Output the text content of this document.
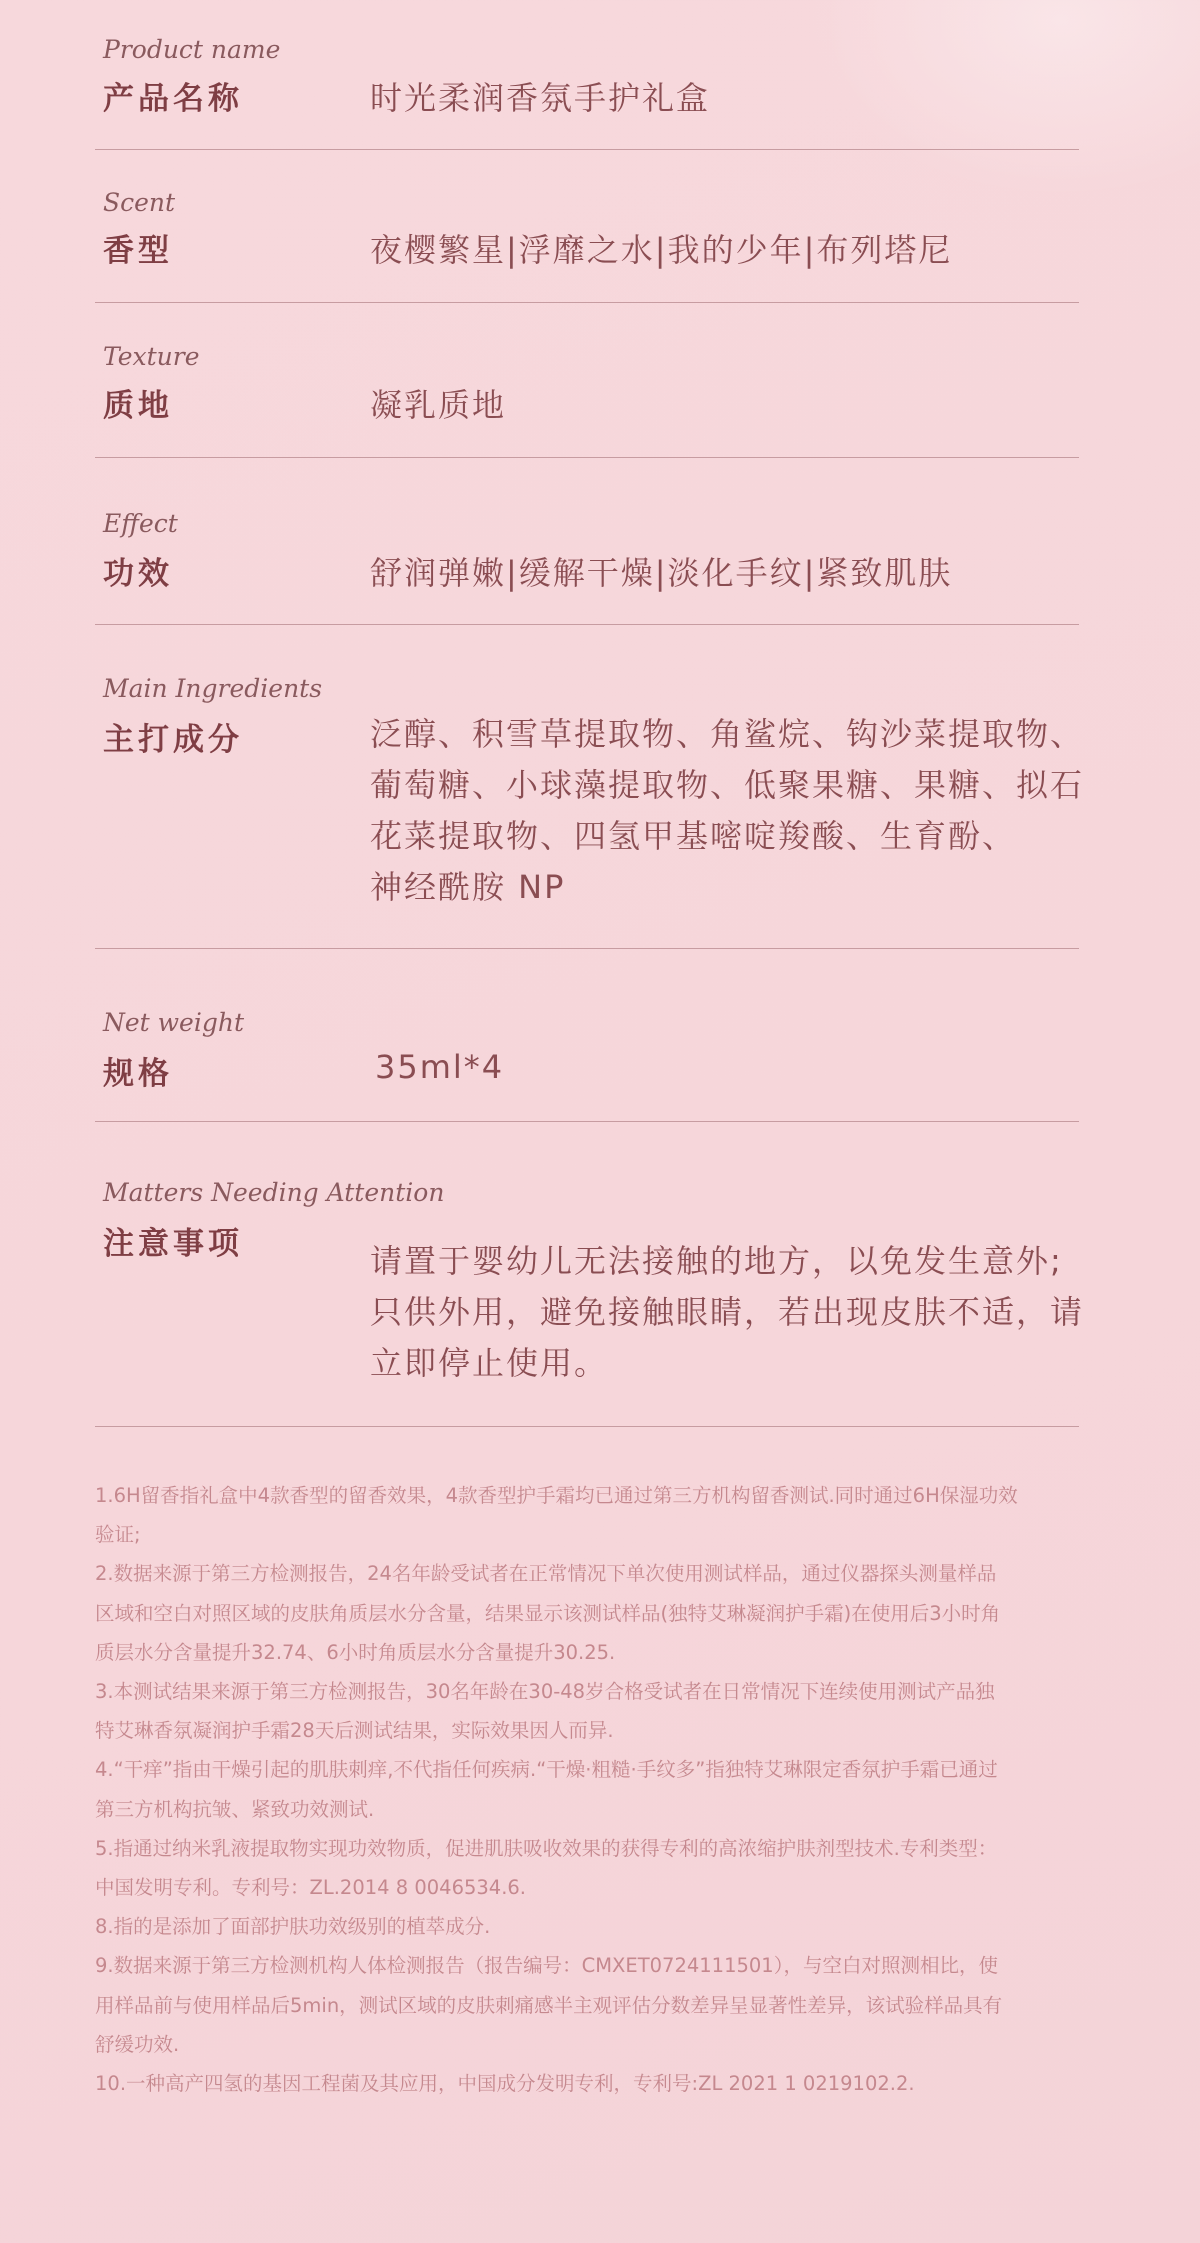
Product name
产品名称	时光柔润香氛手护礼盒
Scent
香型	夜樱繁星|浮靡之水|我的少年|布列塔尼
Texture
质地	凝乳质地
Effect
功效	舒润弹嫩|缓解干燥|淡化手纹|紧致肌肤
Main Ingredients
主打成分	泛醇、积雪草提取物、角鲨烷、钩沙菜提取物、
葡萄糖、小球藻提取物、低聚果糖、果糖、拟石
花菜提取物、四氢甲基嘧啶羧酸、生育酚、
神经酰胺 NP
Net weight
规格	35ml*4
Matters Needing Attention
注意事项	请置于婴幼儿无法接触的地方，以免发生意外;
只供外用，避免接触眼睛，若出现皮肤不适，请
立即停止使用。
1.6H留香指礼盒中4款香型的留香效果，4款香型护手霜均已通过第三方机构留香测试.同时通过6H保湿功效
验证;
2.数据来源于第三方检测报告，24名年龄受试者在正常情况下单次使用测试样品，通过仪器探头测量样品
区域和空白对照区域的皮肤角质层水分含量，结果显示该测试样品(独特艾琳凝润护手霜)在使用后3小时角
质层水分含量提升32.74、6小时角质层水分含量提升30.25.
3.本测试结果来源于第三方检测报告，30名年龄在30-48岁合格受试者在日常情况下连续使用测试产品独
特艾琳香氛凝润护手霜28天后测试结果，实际效果因人而异.
4.“干痒”指由干燥引起的肌肤刺痒,不代指任何疾病.“干燥·粗糙·手纹多”指独特艾琳限定香氛护手霜已通过
第三方机构抗皱、紧致功效测试.
5.指通过纳米乳液提取物实现功效物质，促进肌肤吸收效果的获得专利的高浓缩护肤剂型技术.专利类型：
中国发明专利。专利号：ZL.2014 8 0046534.6.
8.指的是添加了面部护肤功效级别的植萃成分.
9.数据来源于第三方检测机构人体检测报告（报告编号：CMXET0724111501），与空白对照测相比，使
用样品前与使用样品后5min，测试区域的皮肤刺痛感半主观评估分数差异呈显著性差异，该试验样品具有
舒缓功效.
10.一种高产四氢的基因工程菌及其应用，中国成分发明专利，专利号:ZL 2021 1 0219102.2.
